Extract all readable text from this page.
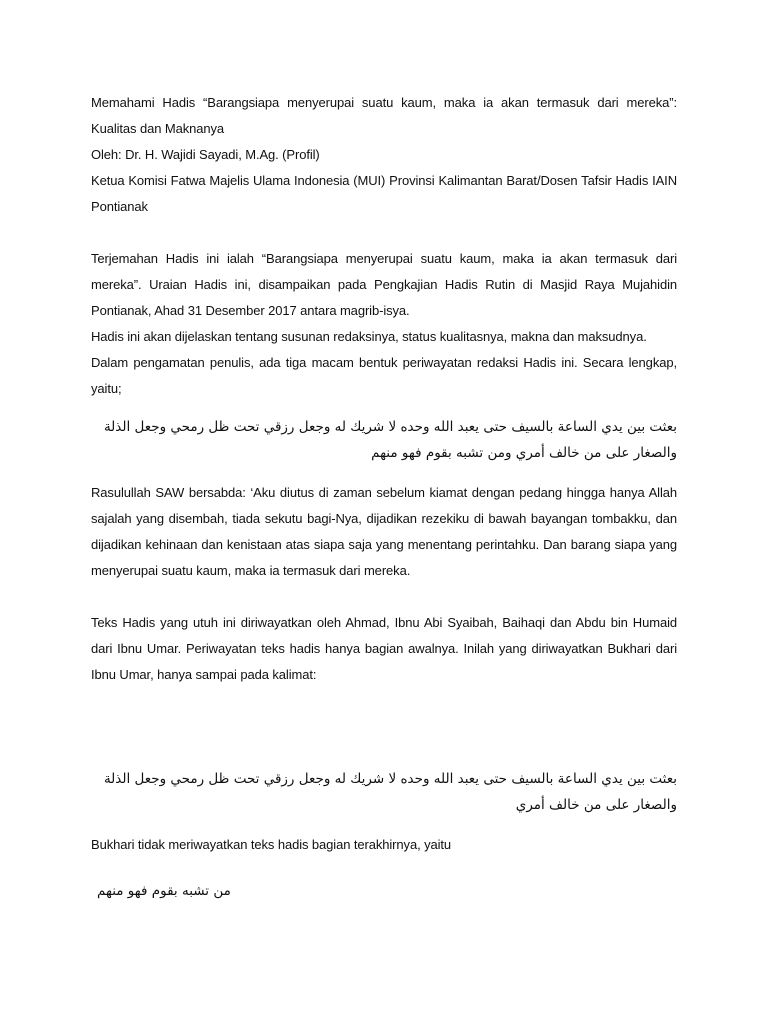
Memahami Hadis “Barangsiapa menyerupai suatu kaum, maka ia akan termasuk dari mereka”: Kualitas dan Maknanya

Oleh: Dr. H. Wajidi Sayadi, M.Ag. (Profil)

Ketua Komisi Fatwa Majelis Ulama Indonesia (MUI) Provinsi Kalimantan Barat/Dosen Tafsir Hadis IAIN Pontianak

Terjemahan Hadis ini ialah “Barangsiapa menyerupai suatu kaum, maka ia akan termasuk dari mereka”. Uraian Hadis ini, disampaikan pada Pengkajian Hadis Rutin di Masjid Raya Mujahidin Pontianak, Ahad 31 Desember 2017 antara magrib-isya.

Hadis ini akan dijelaskan tentang susunan redaksinya, status kualitasnya, makna dan maksudnya.

Dalam pengamatan penulis, ada tiga macam bentuk periwayatan redaksi Hadis ini. Secara lengkap, yaitu;

بعثت بين يدي الساعة بالسيف حتى يعبد الله وحده لا شريك له وجعل رزقي تحت ظل رمحي وجعل الذلة والصغار على من خالف أمري ومن تشبه بقوم فهو منهم

Rasulullah SAW bersabda: ‘Aku diutus di zaman sebelum kiamat dengan pedang hingga hanya Allah sajalah yang disembah, tiada sekutu bagi-Nya, dijadikan rezekiku di bawah bayangan tombakku, dan dijadikan kehinaan dan kenistaan atas siapa saja yang menentang perintahku. Dan barang siapa yang menyerupai suatu kaum, maka ia termasuk dari mereka.

Teks Hadis yang utuh ini diriwayatkan oleh Ahmad, Ibnu Abi Syaibah, Baihaqi dan Abdu bin Humaid dari Ibnu Umar. Periwayatan teks hadis hanya bagian awalnya. Inilah yang diriwayatkan Bukhari dari Ibnu Umar, hanya sampai pada kalimat:

بعثت بين يدي الساعة بالسيف حتى يعبد الله وحده لا شريك له وجعل رزقي تحت ظل رمحي وجعل الذلة والصغار على من خالف أمري

Bukhari tidak meriwayatkan teks hadis bagian terakhirnya, yaitu

من تشبه بقوم فهو منهم
